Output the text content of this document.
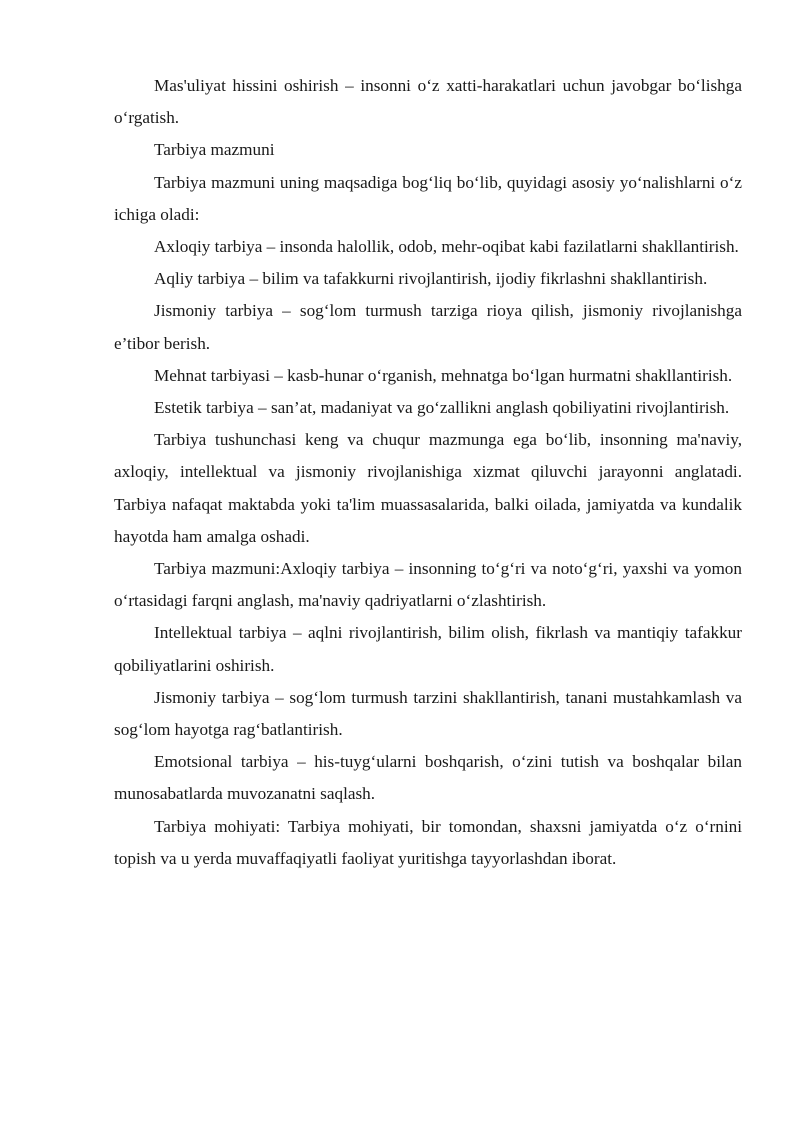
Mas'uliyat hissini oshirish – insonni o‘z xatti-harakatlari uchun javobgar bo‘lishga o‘rgatish.

Tarbiya mazmuni

Tarbiya mazmuni uning maqsadiga bog‘liq bo‘lib, quyidagi asosiy yo‘nalishlarni o‘z ichiga oladi:

Axloqiy tarbiya – insonda halollik, odob, mehr-oqibat kabi fazilatlarni shakllantirish.

Aqliy tarbiya – bilim va tafakkurni rivojlantirish, ijodiy fikrlashni shakllantirish.

Jismoniy tarbiya – sog‘lom turmush tarziga rioya qilish, jismoniy rivojlanishga e’tibor berish.

Mehnat tarbiyasi – kasb-hunar o‘rganish, mehnatga bo‘lgan hurmatni shakllantirish.

Estetik tarbiya – san’at, madaniyat va go‘zallikni anglash qobiliyatini rivojlantirish.

Tarbiya tushunchasi keng va chuqur mazmunga ega bo‘lib, insonning ma'naviy, axloqiy, intellektual va jismoniy rivojlanishiga xizmat qiluvchi jarayonni anglatadi. Tarbiya nafaqat maktabda yoki ta'lim muassasalarida, balki oilada, jamiyatda va kundalik hayotda ham amalga oshadi.

Tarbiya mazmuni:Axloqiy tarbiya – insonning to‘g‘ri va noto‘g‘ri, yaxshi va yomon o‘rtasidagi farqni anglash, ma'naviy qadriyatlarni o‘zlashtirish.

Intellektual tarbiya – aqlni rivojlantirish, bilim olish, fikrlash va mantiqiy tafakkur qobiliyatlarini oshirish.

Jismoniy tarbiya – sog‘lom turmush tarzini shakllantirish, tanani mustahkamlash va sog‘lom hayotga rag‘batlantirish.

Emotsional tarbiya – his-tuyg‘ularni boshqarish, o‘zini tutish va boshqalar bilan munosabatlarda muvozanatni saqlash.

Tarbiya mohiyati: Tarbiya mohiyati, bir tomondan, shaxsni jamiyatda o‘z o‘rnini topish va u yerda muvaffaqiyatli faoliyat yuritishga tayyorlashdan iborat.
